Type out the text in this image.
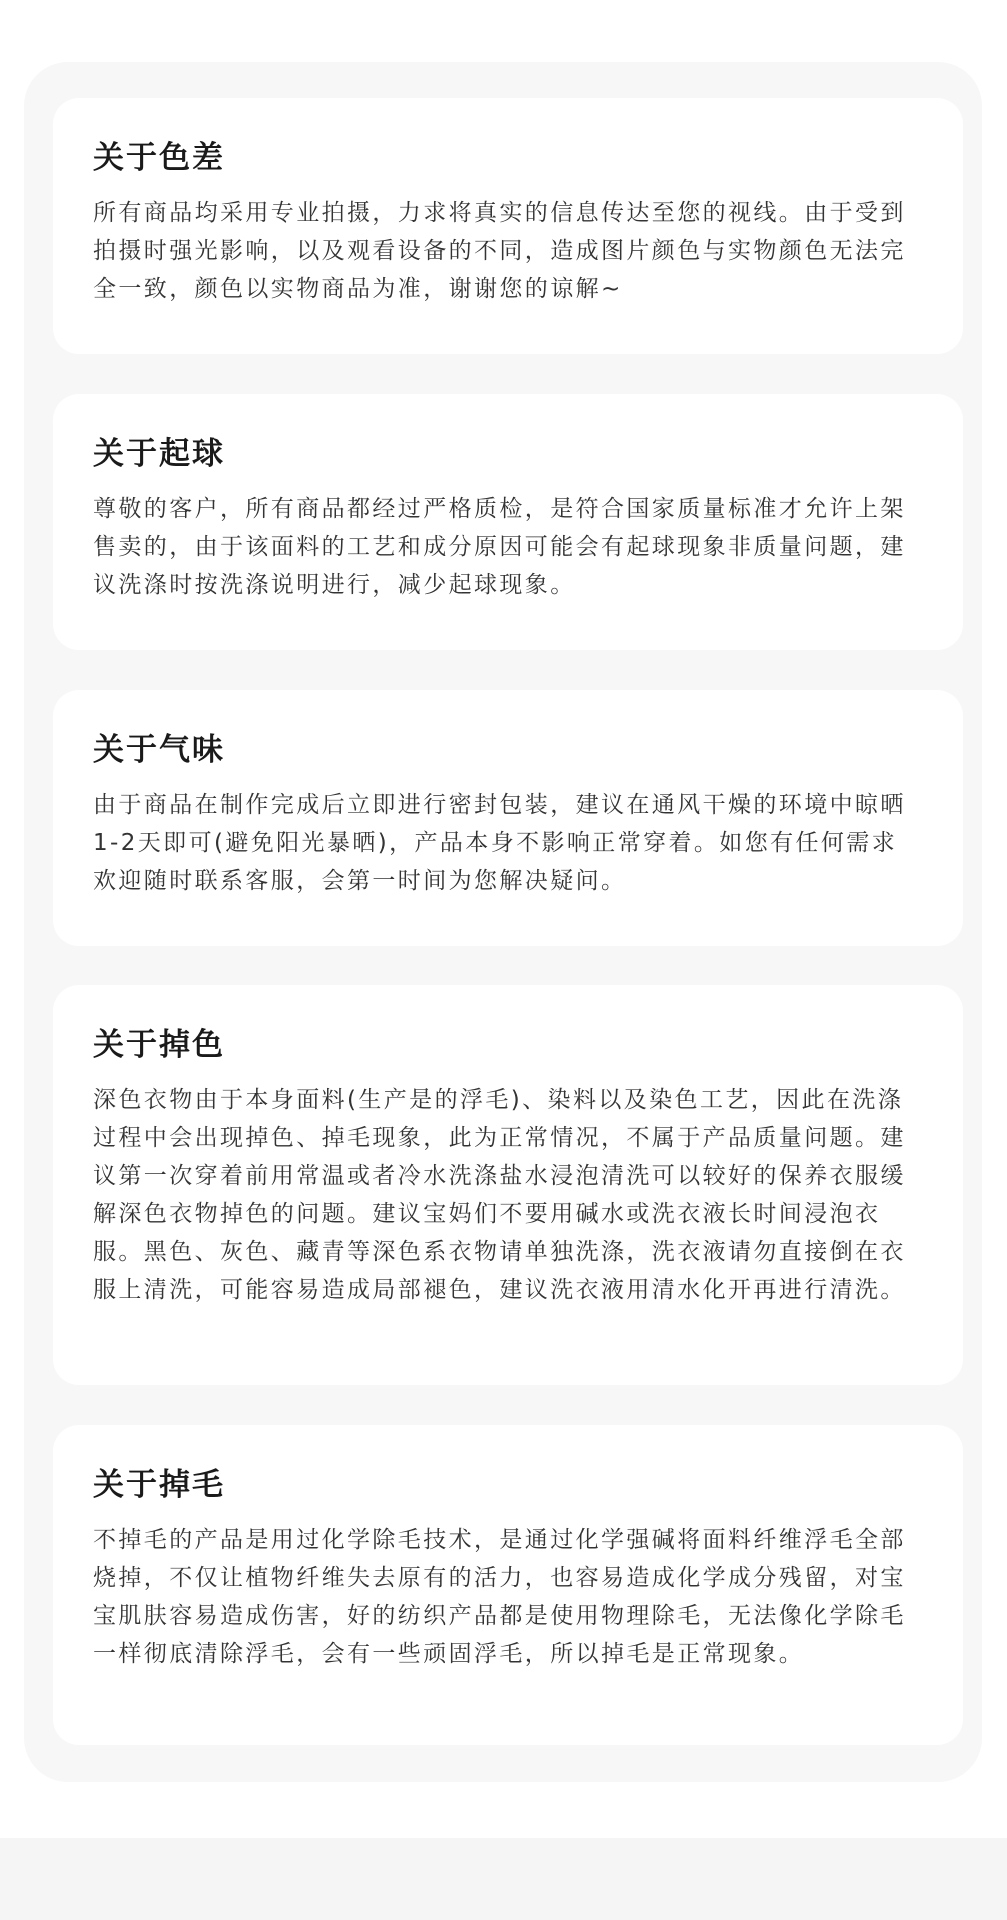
关于色差

所有商品均采用专业拍摄，力求将真实的信息传达至您的视线。由于受到拍摄时强光影响，以及观看设备的不同，造成图片颜色与实物颜色无法完全一致，颜色以实物商品为准，谢谢您的谅解~

关于起球

尊敬的客户，所有商品都经过严格质检，是符合国家质量标准才允许上架售卖的，由于该面料的工艺和成分原因可能会有起球现象非质量问题，建议洗涤时按洗涤说明进行，减少起球现象。

关于气味

由于商品在制作完成后立即进行密封包装，建议在通风干燥的环境中晾晒1-2天即可(避免阳光暴晒)，产品本身不影响正常穿着。如您有任何需求欢迎随时联系客服，会第一时间为您解决疑问。

关于掉色

深色衣物由于本身面料(生产是的浮毛)、染料以及染色工艺，因此在洗涤过程中会出现掉色、掉毛现象，此为正常情况，不属于产品质量问题。建议第一次穿着前用常温或者冷水洗涤盐水浸泡清洗可以较好的保养衣服缓解深色衣物掉色的问题。建议宝妈们不要用碱水或洗衣液长时间浸泡衣服。黑色、灰色、藏青等深色系衣物请单独洗涤，洗衣液请勿直接倒在衣服上清洗，可能容易造成局部褪色，建议洗衣液用清水化开再进行清洗。

关于掉毛

不掉毛的产品是用过化学除毛技术，是通过化学强碱将面料纤维浮毛全部烧掉，不仅让植物纤维失去原有的活力，也容易造成化学成分残留，对宝宝肌肤容易造成伤害，好的纺织产品都是使用物理除毛，无法像化学除毛一样彻底清除浮毛，会有一些顽固浮毛，所以掉毛是正常现象。
